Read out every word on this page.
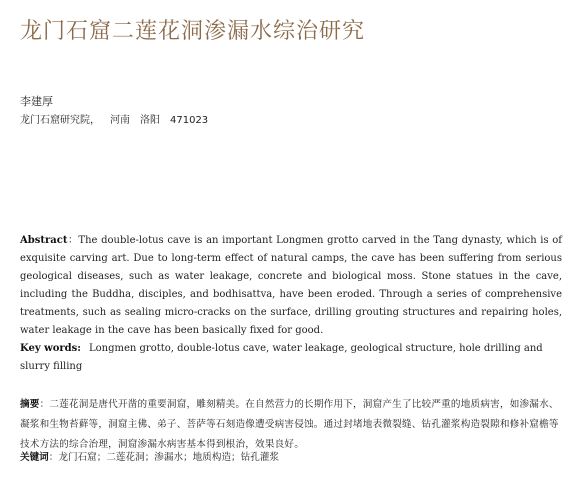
龙门石窟二莲花洞渗漏水综治研究
李建厚
龙门石窟研究院， 河南 洛阳 471023
Abstract：The double-lotus cave is an important Longmen grotto carved in the Tang dynasty, which is of exquisite carving art. Due to long-term effect of natural camps, the cave has been suffering from serious geological diseases, such as water leakage, concrete and biological moss. Stone statues in the cave, including the Buddha, disciples, and bodhisattva, have been eroded. Through a series of comprehensive treatments, such as sealing micro-cracks on the surface, drilling grouting structures and repairing holes, water leakage in the cave has been basically fixed for good.
Key words: Longmen grotto, double-lotus cave, water leakage, geological structure, hole drilling and slurry filling
摘要：二莲花洞是唐代开凿的重要洞窟，雕刻精美。在自然营力的长期作用下，洞窟产生了比较严重的地质病害，如渗漏水、凝浆和生物苔藓等，洞窟主佛、弟子、菩萨等石刻造像遭受病害侵蚀。通过封堵地表微裂缝、钻孔灌浆构造裂隙和修补窟檐等技术方法的综合治理，洞窟渗漏水病害基本得到根治，效果良好。
关键词：龙门石窟；二莲花洞；渗漏水；地质构造；钻孔灌浆
